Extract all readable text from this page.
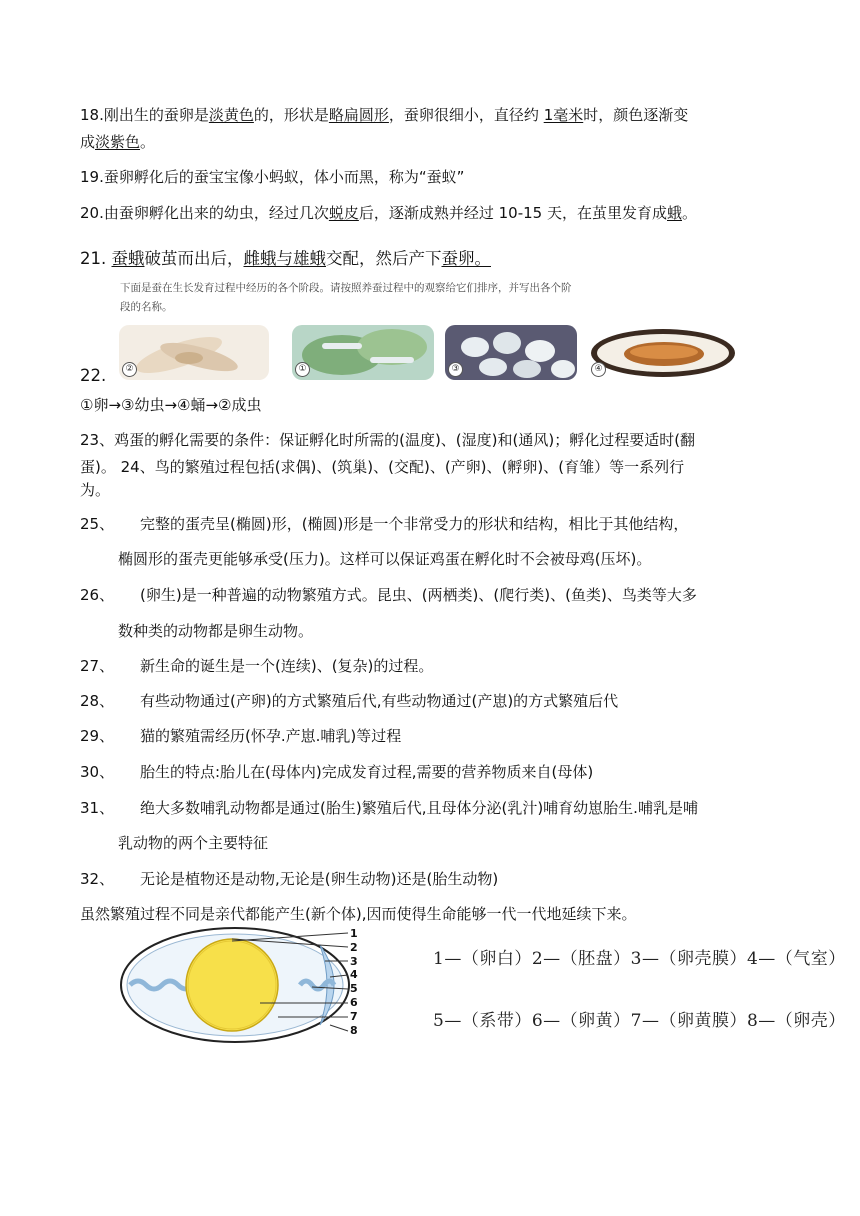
18.刚出生的蚕卵是淡黄色的，形状是略扁圆形，蚕卵很细小，直径约 1毫米时，颜色逐渐变
成淡紫色。
19.蚕卵孵化后的蚕宝宝像小蚂蚁，体小而黑，称为“蚕蚁”
20.由蚕卵孵化出来的幼虫，经过几次蜕皮后，逐渐成熟并经过 10-15 天，在茧里发育成蛾。
21. 蚕蛾破茧而出后，雌蛾与雄蛾交配，然后产下蚕卵。
下面是蚕在生长发育过程中经历的各个阶段。请按照养蚕过程中的观察给它们排序，并写出各个阶
段的名称。
②	①	③	④
22.
①卵→③幼虫→④蛹→②成虫
23、鸡蛋的孵化需要的条件：保证孵化时所需的(温度)、(湿度)和(通风)；孵化过程要适时(翻
蛋)。 24、鸟的繁殖过程包括(求偶)、(筑巢)、(交配)、(产卵)、(孵卵)、(育雏）等一系列行
为。
25、 完整的蛋壳呈(椭圆)形，(椭圆)形是一个非常受力的形状和结构，相比于其他结构，
椭圆形的蛋壳更能够承受(压力)。这样可以保证鸡蛋在孵化时不会被母鸡(压坏)。
26、 (卵生)是一种普遍的动物繁殖方式。昆虫、(两栖类)、(爬行类)、(鱼类)、鸟类等大多
数种类的动物都是卵生动物。
27、 新生命的诞生是一个(连续)、(复杂)的过程。
28、 有些动物通过(产卵)的方式繁殖后代,有些动物通过(产崽)的方式繁殖后代
29、 猫的繁殖需经历(怀孕.产崽.哺乳)等过程
30、 胎生的特点:胎儿在(母体内)完成发育过程,需要的营养物质来自(母体)
31、 绝大多数哺乳动物都是通过(胎生)繁殖后代,且母体分泌(乳汁)哺育幼崽胎生.哺乳是哺
乳动物的两个主要特征
32、 无论是植物还是动物,无论是(卵生动物)还是(胎生动物)
虽然繁殖过程不同是亲代都能产生(新个体),因而使得生命能够一代一代地延续下来。
1
2
3
4
5
6
7
8
1—（卵白）2—（胚盘）3—（卵壳膜）4—（气室）
5—（系带）6—（卵黄）7—（卵黄膜）8—（卵壳）
